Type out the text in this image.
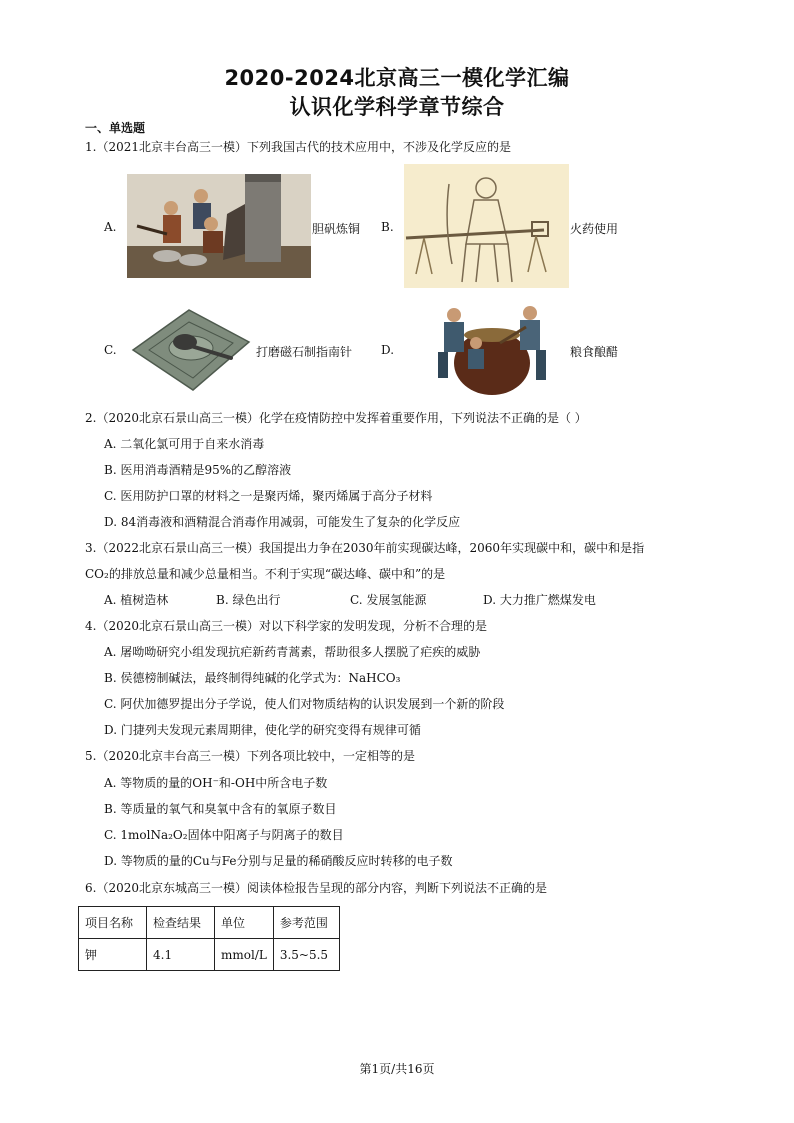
2020-2024北京高三一模化学汇编
认识化学科学章节综合
一、单选题
1.（2021北京丰台高三一模）下列我国古代的技术应用中，不涉及化学反应的是
A.	胆矾炼铜 B.	火药使用
C.	打磨磁石制指南针 D.	粮食酿醋
2.（2020北京石景山高三一模）化学在疫情防控中发挥着重要作用，下列说法不正确的是（ ）
A. 二氧化氯可用于自来水消毒
B. 医用消毒酒精是95%的乙醇溶液
C. 医用防护口罩的材料之一是聚丙烯，聚丙烯属于高分子材料
D. 84消毒液和酒精混合消毒作用减弱，可能发生了复杂的化学反应
3.（2022北京石景山高三一模）我国提出力争在2030年前实现碳达峰，2060年实现碳中和，碳中和是指
CO₂的排放总量和减少总量相当。不利于实现“碳达峰、碳中和”的是
A. 植树造林	B. 绿色出行	C. 发展氢能源	D. 大力推广燃煤发电
4.（2020北京石景山高三一模）对以下科学家的发明发现，分析不合理的是
A. 屠呦呦研究小组发现抗疟新药青蒿素，帮助很多人摆脱了疟疾的威胁
B. 侯德榜制碱法，最终制得纯碱的化学式为：NaHCO₃
C. 阿伏加德罗提出分子学说，使人们对物质结构的认识发展到一个新的阶段
D. 门捷列夫发现元素周期律，使化学的研究变得有规律可循
5.（2020北京丰台高三一模）下列各项比较中，一定相等的是
A. 等物质的量的OH⁻和-OH中所含电子数
B. 等质量的氧气和臭氧中含有的氧原子数目
C. 1molNa₂O₂固体中阳离子与阴离子的数目
D. 等物质的量的Cu与Fe分别与足量的稀硝酸反应时转移的电子数
6.（2020北京东城高三一模）阅读体检报告呈现的部分内容，判断下列说法不正确的是
项目名称	检查结果	单位	参考范围
钾	4.1	mmol/L	3.5~5.5
第1页/共16页
